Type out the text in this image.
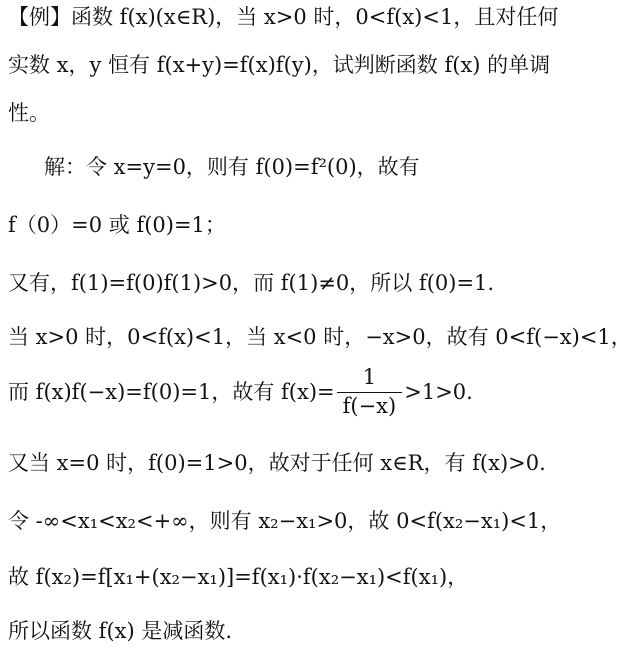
【例】函数 f(x)(x∈R)，当 x>0 时，0<f(x)<1，且对任何
实数 x，y 恒有 f(x+y)=f(x)f(y)，试判断函数 f(x) 的单调
性。
解：令 x=y=0，则有 f(0)=f²(0)，故有
f（0）=0 或 f(0)=1；
又有，f(1)=f(0)f(1)>0，而 f(1)≠0，所以 f(0)=1.
当 x>0 时，0<f(x)<1，当 x<0 时，−x>0，故有 0<f(−x)<1，
而 f(x)f(−x)=f(0)=1，故有 $f(x)= \frac{1}{f(-x)} >1>0$.
又当 x=0 时，f(0)=1>0，故对于任何 x∈R，有 f(x)>0.
令 -∞<x₁<x₂<+∞，则有 x₂−x₁>0，故 0<f(x₂−x₁)<1，
故 f(x₂)=f[x₁+(x₂−x₁)]=f(x₁)·f(x₂−x₁)<f(x₁)，
所以函数 f(x) 是减函数.
